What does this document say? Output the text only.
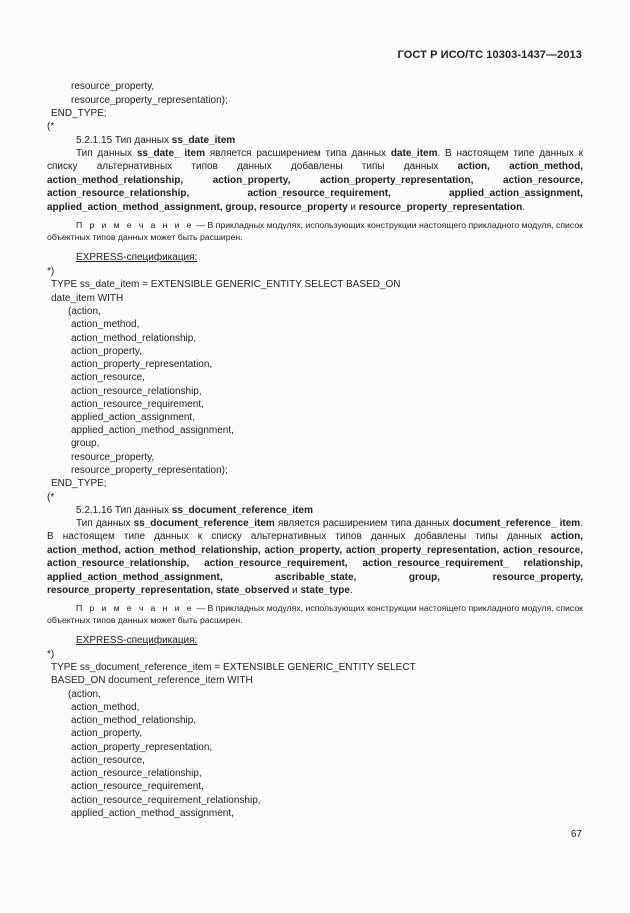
ГОСТ Р ИСО/ТС 10303-1437—2013
resource_property,
resource_property_representation);
END_TYPE;
(*
5.2.1.15 Тип данных ss_date_item
Тип данных ss_date_ item является расширением типа данных date_item. В настоящем типе данных к списку альтернативных типов данных добавлены типы данных action, action_method, action_method_relationship, action_property, action_property_representation, action_resource, action_resource_relationship, action_resource_requirement, applied_action_assignment, applied_action_method_assignment, group, resource_property и resource_property_representation.
П р и м е ч а н и е — В прикладных модулях, использующих конструкции настоящего прикладного модуля, список объектных типов данных может быть расширен.
EXPRESS-спецификация:
*)
TYPE ss_date_item = EXTENSIBLE GENERIC_ENTITY SELECT BASED_ON
date_item WITH
(action,
action_method,
action_method_relationship,
action_property,
action_property_representation,
action_resource,
action_resource_relationship,
action_resource_requirement,
applied_action_assignment,
applied_action_method_assignment,
group,
resource_property,
resource_property_representation);
END_TYPE;
(*
5.2.1.16 Тип данных ss_document_reference_item
Тип данных ss_document_reference_item является расширением типа данных document_reference_ item. В настоящем типе данных к списку альтернативных типов данных добавлены типы данных action, action_method, action_method_relationship, action_property, action_property_representation, action_resource, action_resource_relationship, action_resource_requirement, action_resource_requirement_ relationship, applied_action_method_assignment, ascribable_state, group, resource_property, resource_property_representation, state_observed и state_type.
П р и м е ч а н и е — В прикладных модулях, использующих конструкции настоящего прикладного модуля, список объектных типов данных может быть расширен.
EXPRESS-спецификация:
*)
TYPE ss_document_reference_item = EXTENSIBLE GENERIC_ENTITY SELECT
BASED_ON document_reference_item WITH
(action,
action_method,
action_method_relationship,
action_property,
action_property_representation,
action_resource,
action_resource_relationship,
action_resource_requirement,
action_resource_requirement_relationship,
applied_action_method_assignment,
67
